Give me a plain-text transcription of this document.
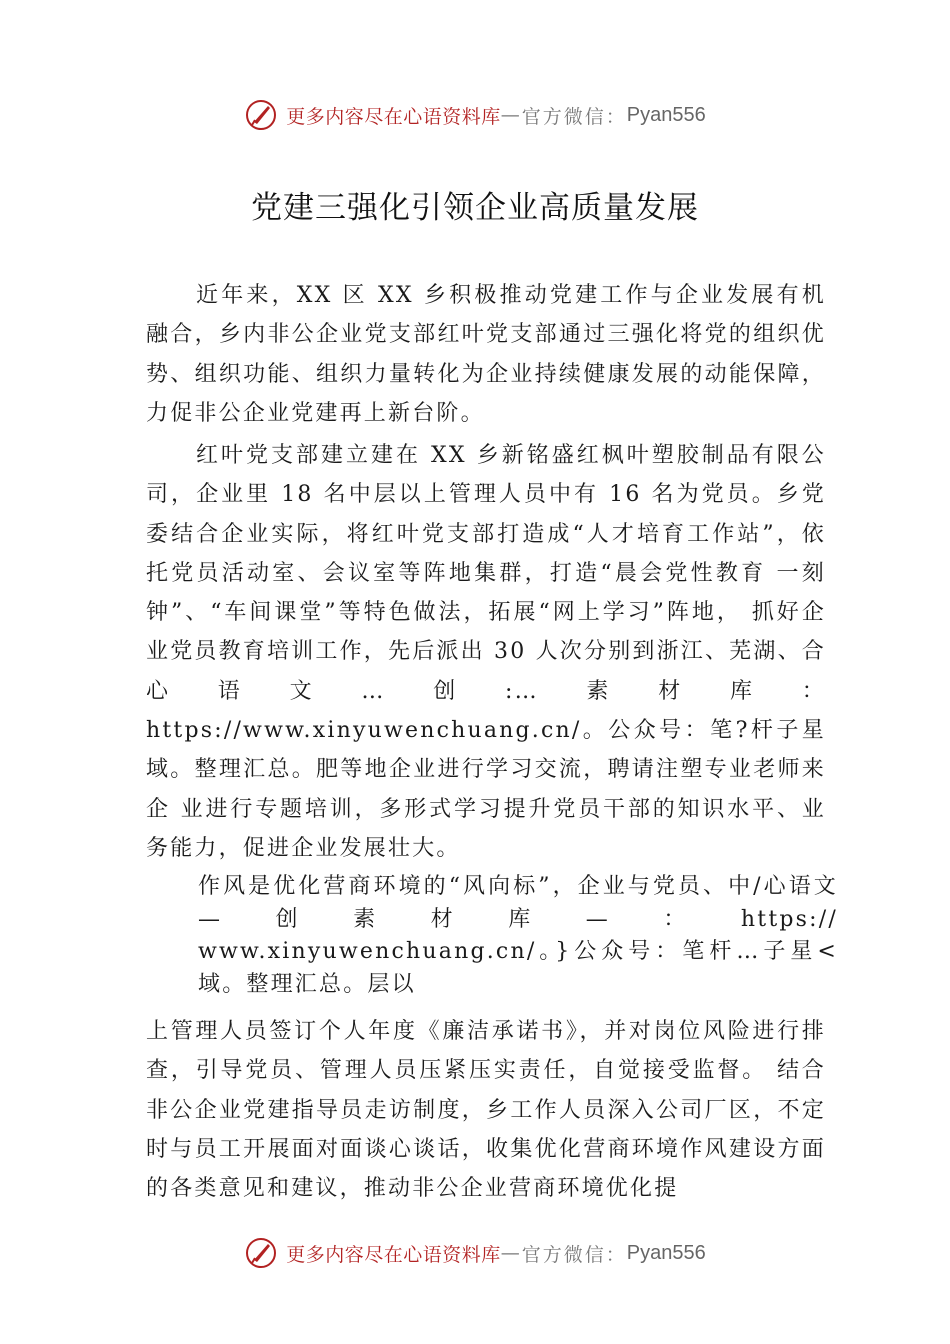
更多内容尽在心语资料库 — 官方微信： Pyan556
党建三强化引领企业高质量发展

近年来，XX 区 XX 乡积极推动党建工作与企业发展有机融合，乡内非公企业党支部红叶党支部通过三强化将党的组织优势、组织功能、组织力量转化为企业持续健康发展的动能保障，力促非公企业党建再上新台阶。

红叶党支部建立建在 XX 乡新铭盛红枫叶塑胶制品有限公司，企业里 18 名中层以上管理人员中有 16 名为党员。乡党委结合企业实际，将红叶党支部打造成“人才培育工作站”，依托党员活动室、会议室等阵地集群，打造“晨会党性教育 一刻钟”、“车间课堂”等特色做法，拓展“网上学习”阵地， 抓好企业党员教育培训工作，先后派出 30 人次分别到浙江、芜湖、合心语文…创:…素材库：https://www.xinyuwenchuang.cn/。公众号：笔?杆子星域。整理汇总。肥等地企业进行学习交流，聘请注塑专业老师来企 业进行专题培训，多形式学习提升党员干部的知识水平、业 务能力，促进企业发展壮大。

作风是优化营商环境的“风向标”，企业与党员、中/心语文—创素材库—：https:// www.xinyuwenchuang.cn/。}公众号：笔杆…子星<域。整理汇总。层以

上管理人员签订个人年度《廉洁承诺书》，并对岗位风险进行排查，引导党员、管理人员压紧压实责任，自觉接受监督。 结合非公企业党建指导员走访制度，乡工作人员深入公司厂区，不定时与员工开展面对面谈心谈话，收集优化营商环境作风建设方面的各类意见和建议，推动非公企业营商环境优化提

更多内容尽在心语资料库 — 官方微信： Pyan556
